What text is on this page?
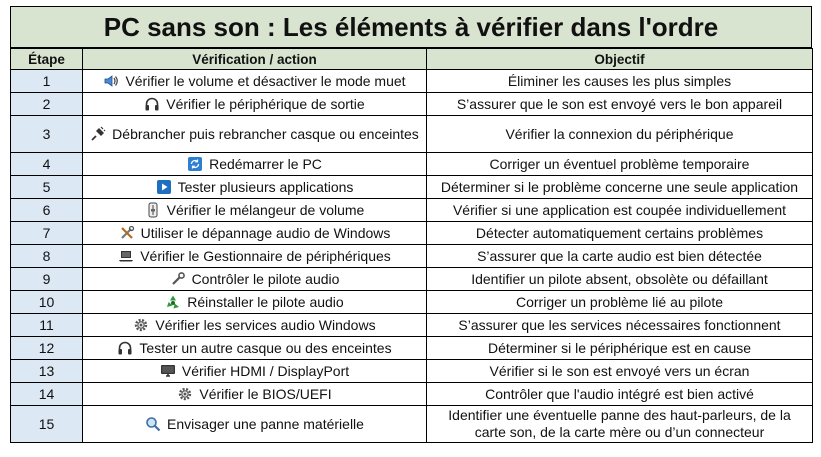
PC sans son : Les éléments à vérifier dans l'ordre
Étape	Vérification / action	Objectif
1	Vérifier le volume et désactiver le mode muet	Éliminer les causes les plus simples
2	Vérifier le périphérique de sortie	S’assurer que le son est envoyé vers le bon appareil
3	Débrancher puis rebrancher casque ou enceintes	Vérifier la connexion du périphérique
4	Redémarrer le PC	Corriger un éventuel problème temporaire
5	Tester plusieurs applications	Déterminer si le problème concerne une seule application
6	Vérifier le mélangeur de volume	Vérifier si une application est coupée individuellement
7	Utiliser le dépannage audio de Windows	Détecter automatiquement certains problèmes
8	Vérifier le Gestionnaire de périphériques	S’assurer que la carte audio est bien détectée
9	Contrôler le pilote audio	Identifier un pilote absent, obsolète ou défaillant
10	Réinstaller le pilote audio	Corriger un problème lié au pilote
11	Vérifier les services audio Windows	S’assurer que les services nécessaires fonctionnent
12	Tester un autre casque ou des enceintes	Déterminer si le périphérique est en cause
13	Vérifier HDMI / DisplayPort	Vérifier si le son est envoyé vers un écran
14	Vérifier le BIOS/UEFI	Contrôler que l'audio intégré est bien activé
15	Envisager une panne matérielle	Identifier une éventuelle panne des haut-parleurs, de la carte son, de la carte mère ou d’un connecteur
